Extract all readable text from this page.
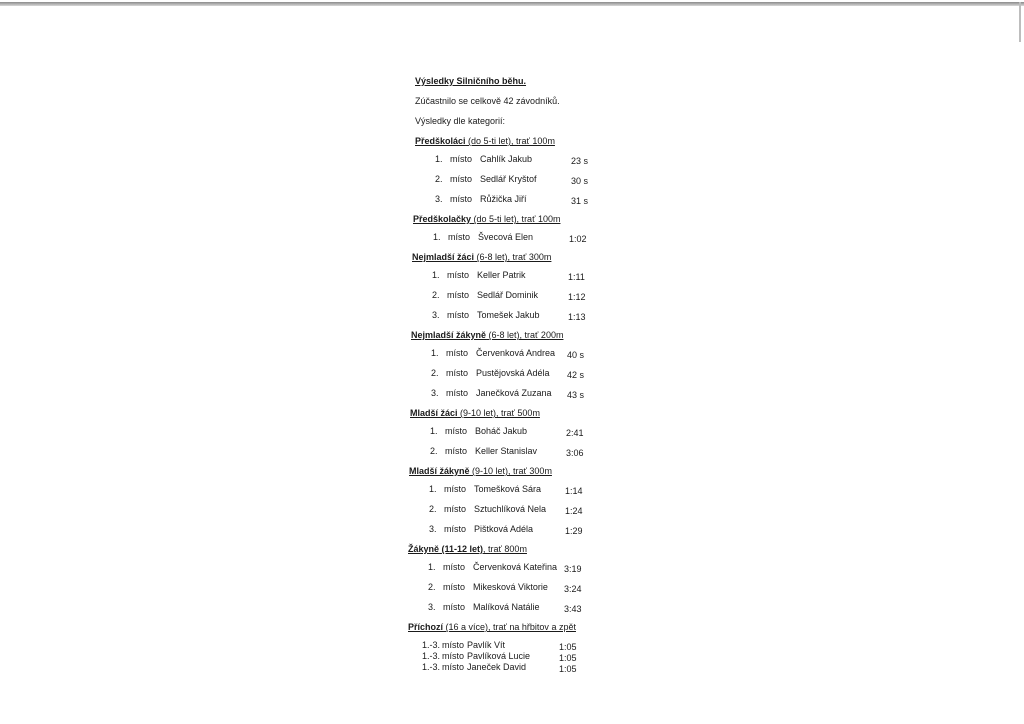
Výsledky Silničního běhu.
Zúčastnilo se celkově 42 závodníků.
Výsledky dle kategorií:
Předškoláci (do 5-ti let), trať 100m
1. místo Cahlík Jakub	23 s
2. místo Sedlář Kryštof	30 s
3. místo Růžička Jiří	31 s
Předškolačky (do 5-ti let), trať 100m
1. místo Švecová Elen	1:02
Nejmladší žáci (6-8 let), trať 300m
1. místo Keller Patrik	1:11
2. místo Sedlář Dominik	1:12
3. místo Tomešek Jakub	1:13
Nejmladší žákyně (6-8 let), trať 200m
1. místo Červenková Andrea 40 s
2. místo Pustějovská Adéla 42 s
3. místo Janečková Zuzana 43 s
Mladší žáci (9-10 let), trať 500m
1. místo Boháč Jakub	2:41
2. místo Keller Stanislav	3:06
Mladší žákyně (9-10 let), trať 300m
1. místo Tomešková Sára	1:14
2. místo Sztuchlíková Nela 1:24
3. místo Pištková Adéla	1:29
Žákyně (11-12 let), trať 800m
1. místo Červenková Kateřina 3:19
2. místo Mikesková Viktorie 3:24
3. místo Malíková Natálie	3:43
Příchozí (16 a více), trať na hřbitov a zpět
1.-3. místo Pavlík Vít	1:05
1.-3. místo Pavlíková Lucie	1:05
1.-3. místo Janeček David	1:05
